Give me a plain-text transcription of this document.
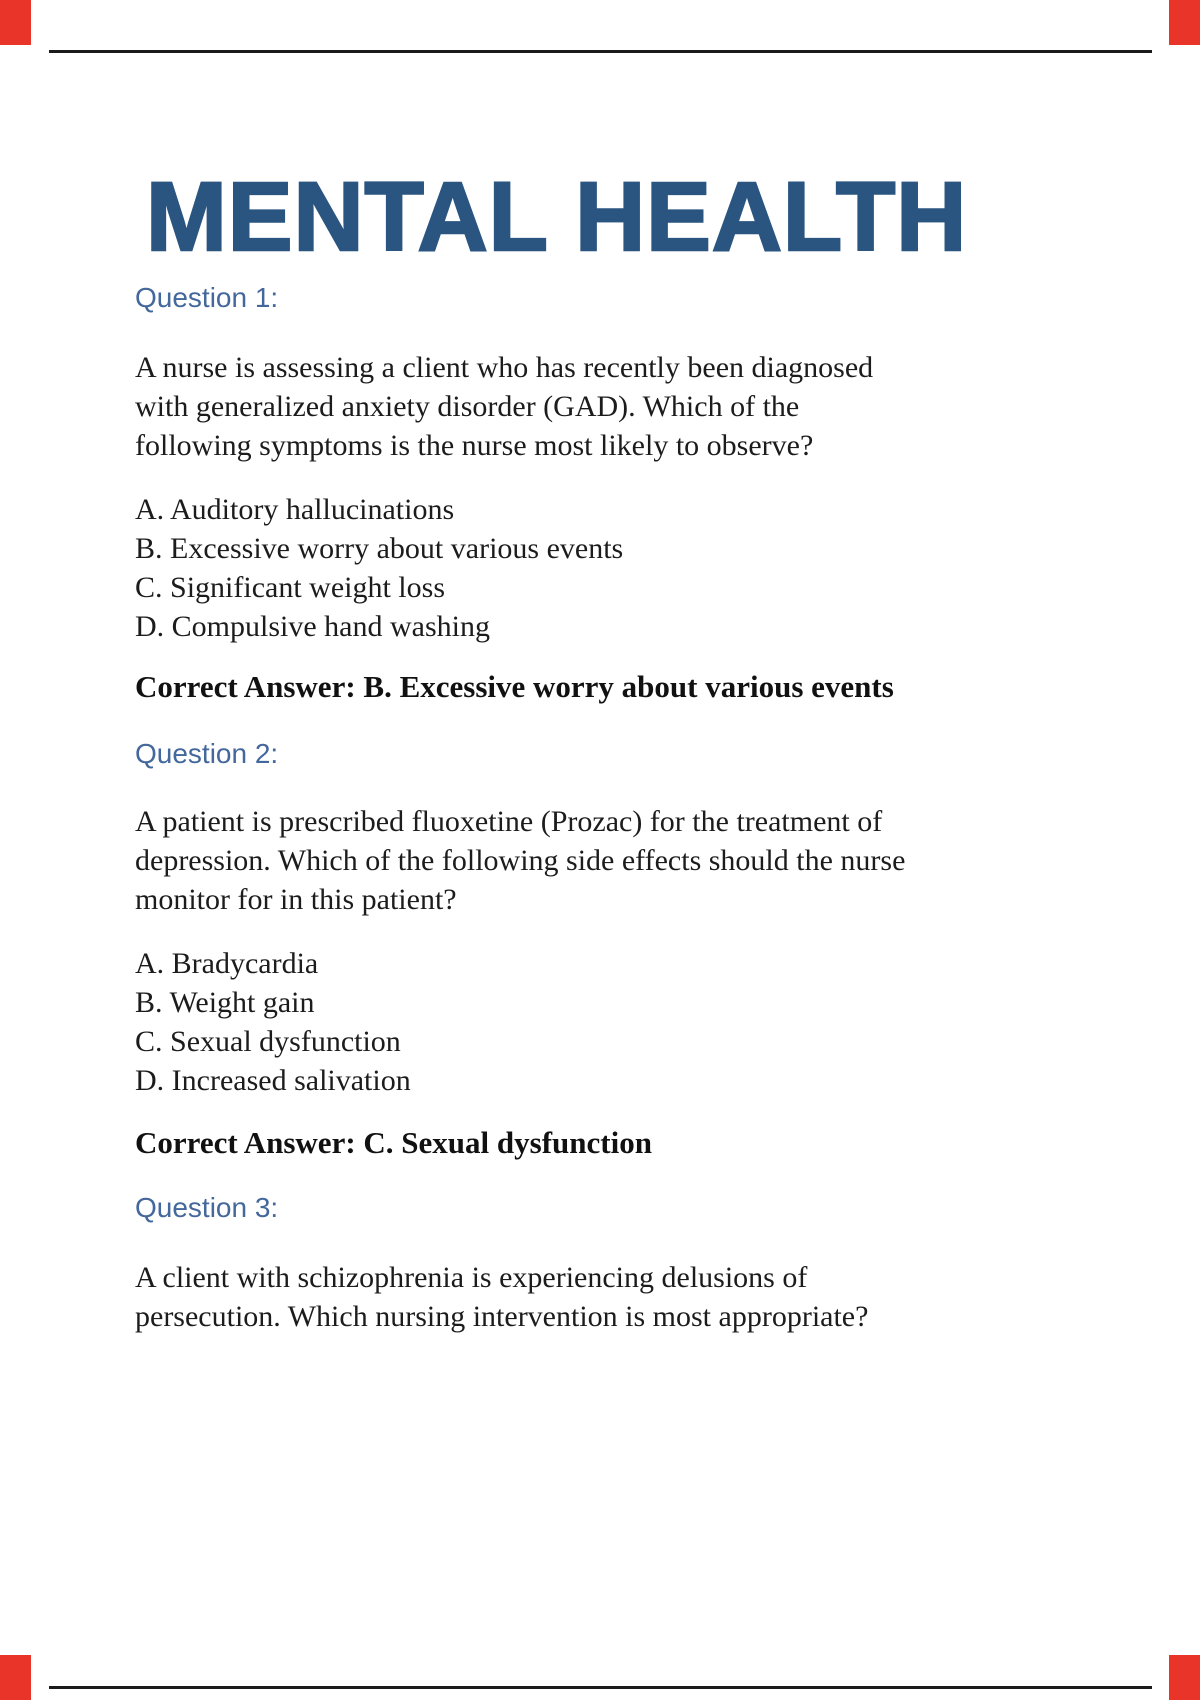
MENTAL HEALTH
Question 1:
A nurse is assessing a client who has recently been diagnosed
with generalized anxiety disorder (GAD). Which of the
following symptoms is the nurse most likely to observe?
A. Auditory hallucinations
B. Excessive worry about various events
C. Significant weight loss
D. Compulsive hand washing
Correct Answer: B. Excessive worry about various events
Question 2:
A patient is prescribed fluoxetine (Prozac) for the treatment of
depression. Which of the following side effects should the nurse
monitor for in this patient?
A. Bradycardia
B. Weight gain
C. Sexual dysfunction
D. Increased salivation
Correct Answer: C. Sexual dysfunction
Question 3:
A client with schizophrenia is experiencing delusions of
persecution. Which nursing intervention is most appropriate?
